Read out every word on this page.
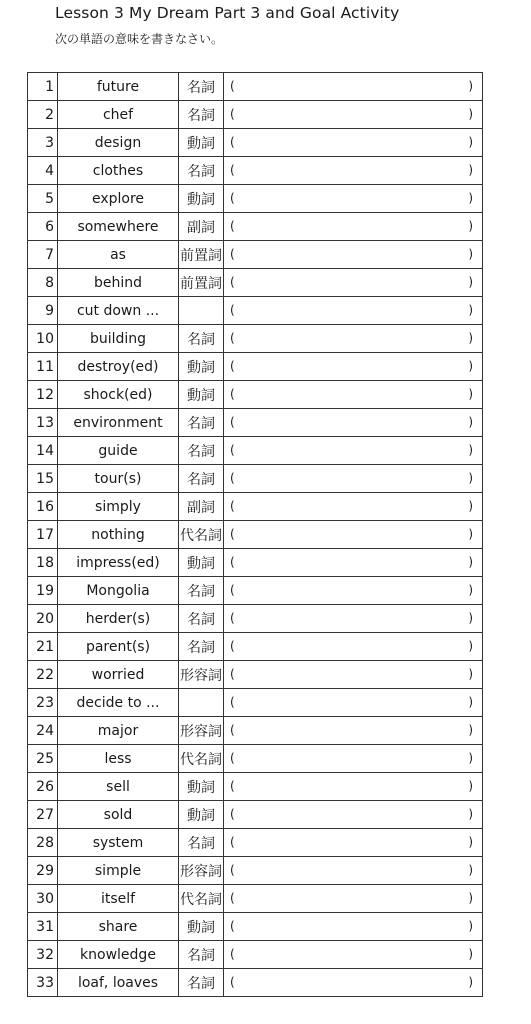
Lesson 3 My Dream Part 3 and Goal Activity
次の単語の意味を書きなさい。
1	future	名詞	( )

2	chef	名詞	( )

3	design	動詞	( )

4	clothes	名詞	( )

5	explore	動詞	( )

6	somewhere	副詞	( )

7	as	前置詞	( )

8	behind	前置詞	( )

9	cut down ...		( )

10	building	名詞	( )

11	destroy(ed)	動詞	( )

12	shock(ed)	動詞	( )

13	environment	名詞	( )

14	guide	名詞	( )

15	tour(s)	名詞	( )

16	simply	副詞	( )

17	nothing	代名詞	( )

18	impress(ed)	動詞	( )

19	Mongolia	名詞	( )

20	herder(s)	名詞	( )

21	parent(s)	名詞	( )

22	worried	形容詞	( )

23	decide to ...		( )

24	major	形容詞	( )

25	less	代名詞	( )

26	sell	動詞	( )

27	sold	動詞	( )

28	system	名詞	( )

29	simple	形容詞	( )

30	itself	代名詞	( )

31	share	動詞	( )

32	knowledge	名詞	( )

33	loaf, loaves	名詞	( )
